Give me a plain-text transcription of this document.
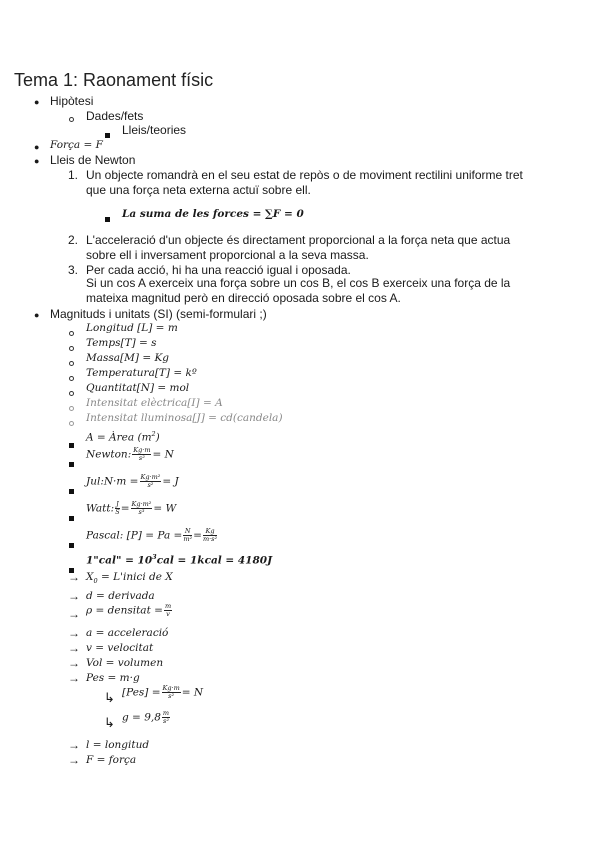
Tema 1: Raonament físic
● Hipòtesi
Dades/fets
Lleis/teories
● Força = F
● Lleis de Newton
1. Un objecte romandrà en el seu estat de repòs o de moviment rectilini uniforme tret que una força neta externa actuï sobre ell.
La suma de les forces = ∑F = 0
2. L'acceleració d'un objecte és directament proporcional a la força neta que actua sobre ell i inversament proporcional a la seva massa.
3. Per cada acció, hi ha una reacció igual i oposada.
Si un cos A exerceix una força sobre un cos B, el cos B exerceix una força de la mateixa magnitud però en direcció oposada sobre el cos A.
● Magnituds i unitats (SI) (semi-formulari ;)
Longitud [L] = m
Temps[T] = s
Massa[M] = Kg
Temperatura[T] = kº
Quantitat[N] = mol
Intensitat elèctrica[I] = A
Intensitat lluminosa[J] = cd(candela)
A = Àrea $(m^2)$
Newton: $\frac{Kg\cdot m}{\text{s²}} = N$
Jul:N·m = $\frac{\text{Kg·m²}}{\text{s²}} = J$
Watt: $\frac{J}{S} = \frac{\text{Kg·m²}}{\text{s³}} = W$
Pascal: $[P] = Pa = \frac{N}{\text{m²}} = \frac{Kg}{\text{m·s²}}$
1"cal" = $10^3cal$ = 1kcal = 4180J
→ $X_0$ = L'inici de X
→ d = derivada
→ ρ = densitat = $\frac{m}{v}$
→ a = acceleració
→ v = velocitat
→ Vol = volumen
→ Pes = m·g
↳ $[Pes] = \frac{Kg\cdot m}{\text{s²}} = N$
↳ $g = 9,8 \frac{m}{\text{s²}}$
→ l = longitud
→ F = força
